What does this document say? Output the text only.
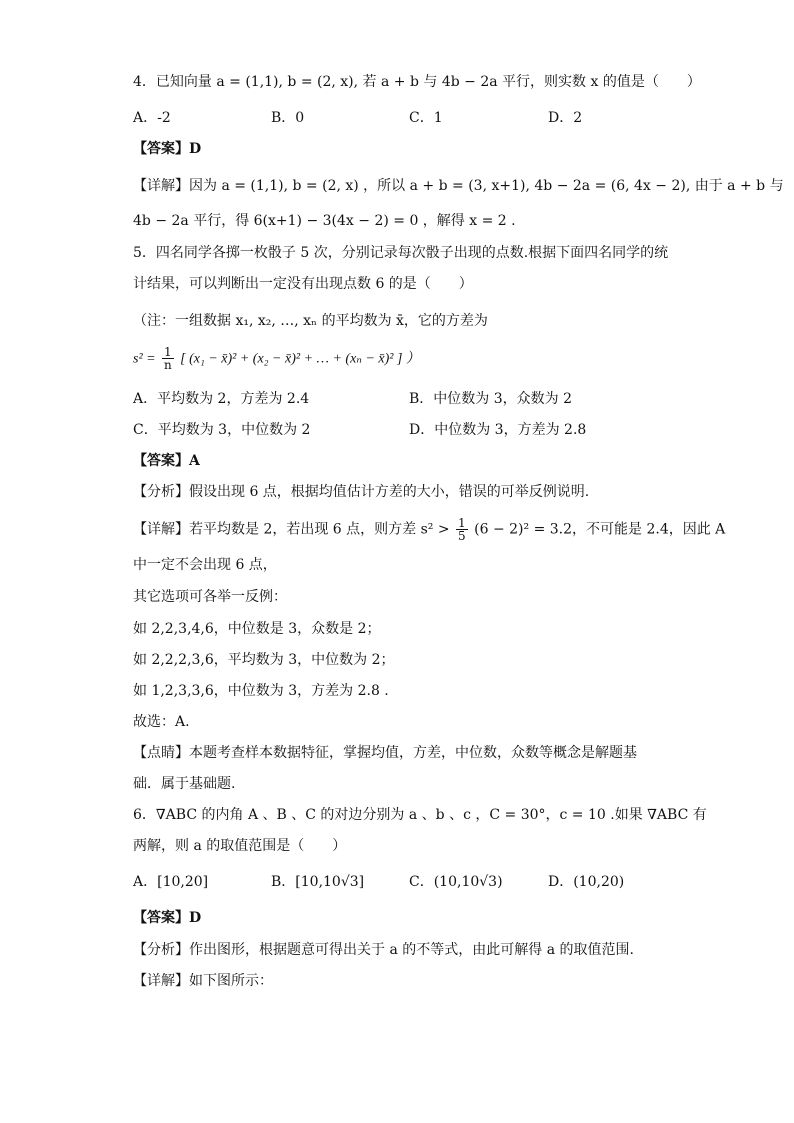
4．已知向量 a = (1,1), b = (2, x), 若 a + b 与 4b − 2a 平行，则实数 x 的值是（　　）
A．-2	B．0	C．1	D．2
【答案】D
【详解】因为 a = (1,1), b = (2, x) ，所以 a + b = (3, x+1), 4b − 2a = (6, 4x − 2), 由于 a + b 与
4b − 2a 平行，得 6(x+1) − 3(4x − 2) = 0 ，解得 x = 2 .
5．四名同学各掷一枚骰子 5 次，分别记录每次骰子出现的点数.根据下面四名同学的统
计结果，可以判断出一定没有出现点数 6 的是（　　）
（注：一组数据 x₁, x₂, …, xₙ 的平均数为 x̄，它的方差为
$s^2 = \frac{1}{n}$ [ (x₁ − x̄)² + (x₂ − x̄)² + … + (xₙ − x̄)² ] ）
A．平均数为 2，方差为 2.4	B．中位数为 3，众数为 2
C．平均数为 3，中位数为 2	D．中位数为 3，方差为 2.8
【答案】A
【分析】假设出现 6 点，根据均值估计方差的大小，错误的可举反例说明.
【详解】若平均数是 2，若出现 6 点，则方差 $s^2 > \frac{1}{5} (6 - 2)^2 = 3.2$，不可能是 2.4，因此 A
中一定不会出现 6 点，
其它选项可各举一反例：
如 2,2,3,4,6，中位数是 3，众数是 2；
如 2,2,2,3,6，平均数为 3，中位数为 2；
如 1,2,3,3,6，中位数为 3，方差为 2.8 .
故选：A.
【点睛】本题考查样本数据特征，掌握均值，方差，中位数，众数等概念是解题基
础．属于基础题.
6．∇ABC 的内角 A 、B 、C 的对边分别为 a 、b 、c ，C = 30°，c = 10 .如果 ∇ABC 有
两解，则 a 的取值范围是（　　）
A．[10,20]	B．[10,10√3]	C．(10,10√3)	D．(10,20)
【答案】D
【分析】作出图形，根据题意可得出关于 a 的不等式，由此可解得 a 的取值范围.
【详解】如下图所示：
